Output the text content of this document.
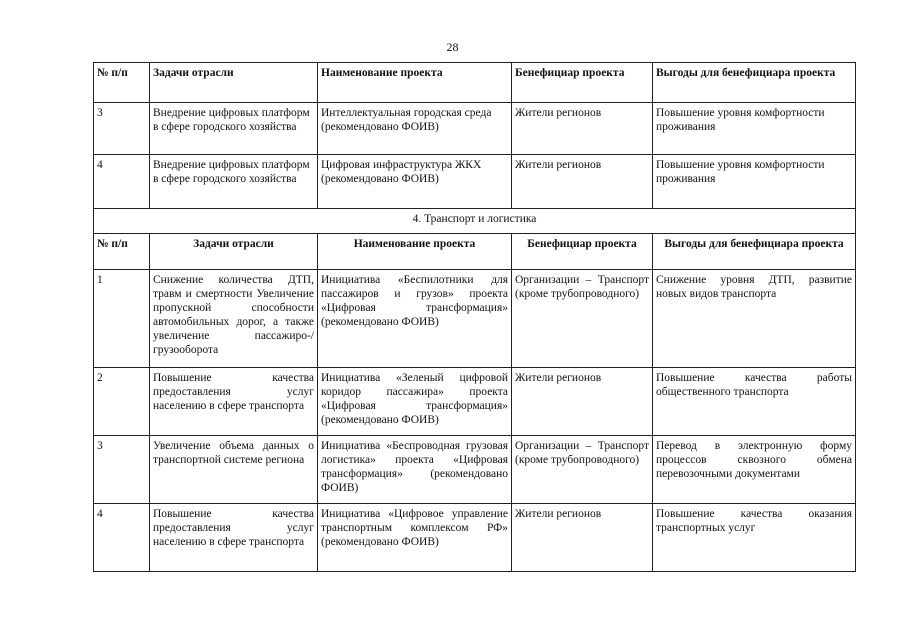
28
№ п/п	Задачи отрасли	Наименование проекта	Бенефициар проекта	Выгоды для бенефициара проекта
3	Внедрение цифровых платформ в сфере городского хозяйства	Интеллектуальная городская среда (рекомендовано ФОИВ)	Жители регионов	Повышение уровня комфортности проживания
4	Внедрение цифровых платформ в сфере городского хозяйства	Цифровая инфраструктура ЖКХ (рекомендовано ФОИВ)	Жители регионов	Повышение уровня комфортности проживания
4. Транспорт и логистика				
№ п/п	Задачи отрасли	Наименование проекта	Бенефициар проекта	Выгоды для бенефициара проекта
1	Снижение количества ДТП, травм и смертности Увеличение пропускной способности автомобильных дорог, а также увеличение пассажиро-/грузооборота	Инициатива «Беспилотники для пассажиров и грузов» проекта «Цифровая трансформация» (рекомендовано ФОИВ)	Организации – Транспорт (кроме трубопроводного)	Снижение уровня ДТП, развитие новых видов транспорта
2	Повышение качества предоставления услуг населению в сфере транспорта	Инициатива «Зеленый цифровой коридор пассажира» проекта «Цифровая трансформация» (рекомендовано ФОИВ)	Жители регионов	Повышение качества работы общественного транспорта
3	Увеличение объема данных о транспортной системе региона	Инициатива «Беспроводная грузовая логистика» проекта «Цифровая трансформация» (рекомендовано ФОИВ)	Организации – Транспорт (кроме трубопроводного)	Перевод в электронную форму процессов сквозного обмена перевозочными документами
4	Повышение качества предоставления услуг населению в сфере транспорта	Инициатива «Цифровое управление транспортным комплексом РФ» (рекомендовано ФОИВ)	Жители регионов	Повышение качества оказания транспортных услуг
